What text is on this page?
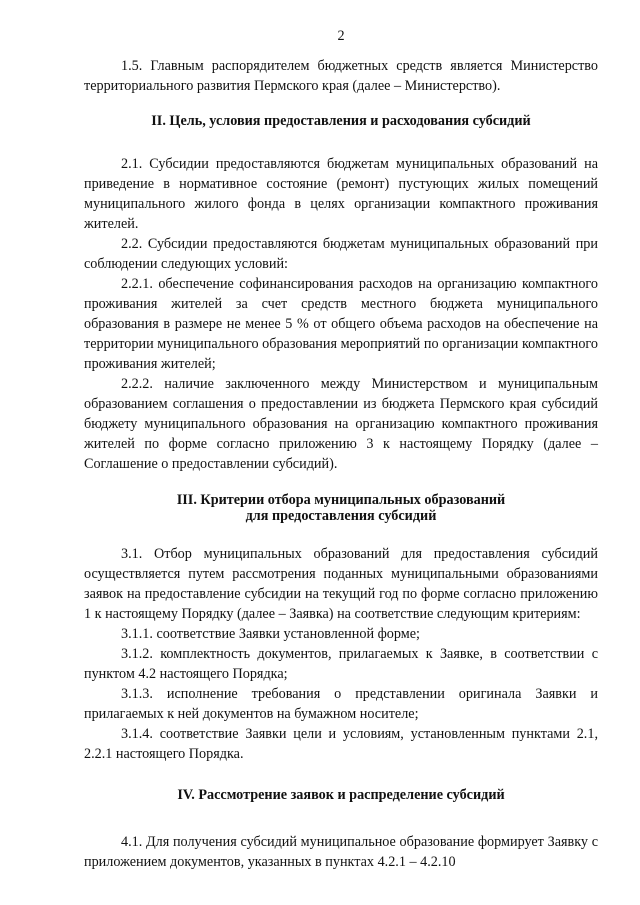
2

1.5. Главным распорядителем бюджетных средств является Министерство территориального развития Пермского края (далее – Министерство).

II. Цель, условия предоставления и расходования субсидий

2.1. Субсидии предоставляются бюджетам муниципальных образований на приведение в нормативное состояние (ремонт) пустующих жилых помещений муниципального жилого фонда в целях организации компактного проживания жителей.

2.2. Субсидии предоставляются бюджетам муниципальных образований при соблюдении следующих условий:

2.2.1. обеспечение софинансирования расходов на организацию компактного проживания жителей за счет средств местного бюджета муниципального образования в размере не менее 5 % от общего объема расходов на обеспечение на территории муниципального образования мероприятий по организации компактного проживания жителей;

2.2.2. наличие заключенного между Министерством и муниципальным образованием соглашения о предоставлении из бюджета Пермского края субсидий бюджету муниципального образования на организацию компактного проживания жителей по форме согласно приложению 3 к настоящему Порядку (далее – Соглашение о предоставлении субсидий).

III. Критерии отбора муниципальных образований

для предоставления субсидий

3.1. Отбор муниципальных образований для предоставления субсидий осуществляется путем рассмотрения поданных муниципальными образованиями заявок на предоставление субсидии на текущий год по форме согласно приложению 1 к настоящему Порядку (далее – Заявка) на соответствие следующим критериям:

3.1.1. соответствие Заявки установленной форме;

3.1.2. комплектность документов, прилагаемых к Заявке, в соответствии с пунктом 4.2 настоящего Порядка;

3.1.3. исполнение требования о представлении оригинала Заявки и прилагаемых к ней документов на бумажном носителе;

3.1.4. соответствие Заявки цели и условиям, установленным пунктами 2.1, 2.2.1 настоящего Порядка.

IV. Рассмотрение заявок и распределение субсидий

4.1. Для получения субсидий муниципальное образование формирует Заявку с приложением документов, указанных в пунктах 4.2.1 – 4.2.10
